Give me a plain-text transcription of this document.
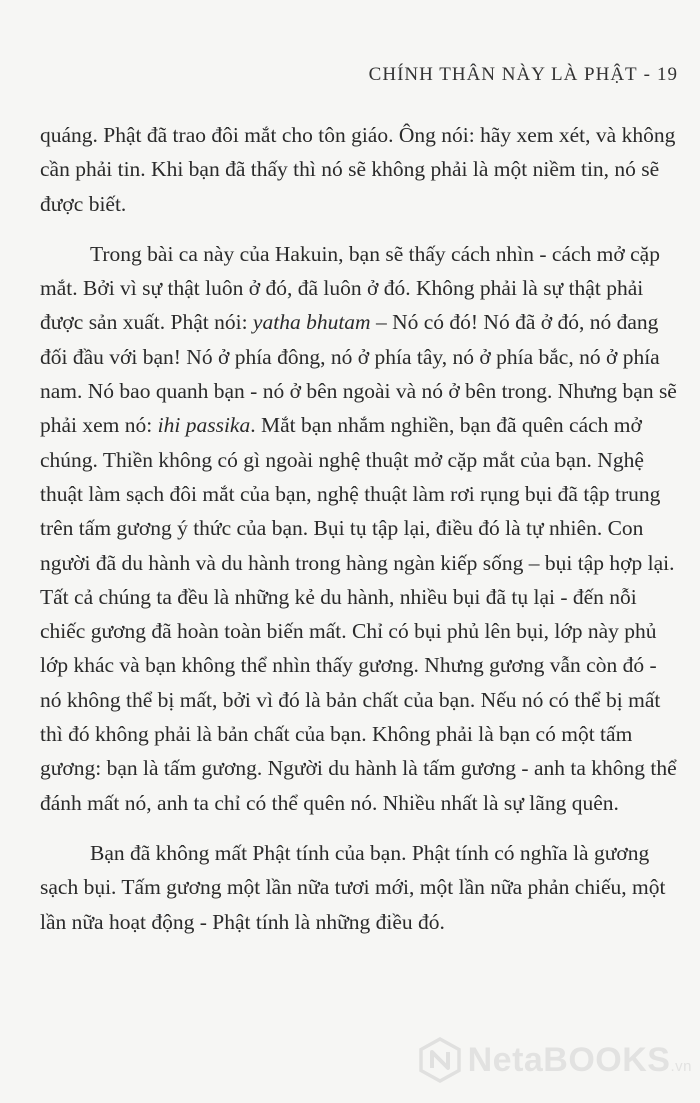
CHÍNH THÂN NÀY LÀ PHẬT - 19

quáng. Phật đã trao đôi mắt cho tôn giáo. Ông nói: hãy xem xét, và không cần phải tin. Khi bạn đã thấy thì nó sẽ không phải là một niềm tin, nó sẽ được biết.

Trong bài ca này của Hakuin, bạn sẽ thấy cách nhìn - cách mở cặp mắt. Bởi vì sự thật luôn ở đó, đã luôn ở đó. Không phải là sự thật phải được sản xuất. Phật nói: yatha bhutam – Nó có đó! Nó đã ở đó, nó đang đối đầu với bạn! Nó ở phía đông, nó ở phía tây, nó ở phía bắc, nó ở phía nam. Nó bao quanh bạn - nó ở bên ngoài và nó ở bên trong. Nhưng bạn sẽ phải xem nó: ihi passika. Mắt bạn nhắm nghiền, bạn đã quên cách mở chúng. Thiền không có gì ngoài nghệ thuật mở cặp mắt của bạn. Nghệ thuật làm sạch đôi mắt của bạn, nghệ thuật làm rơi rụng bụi đã tập trung trên tấm gương ý thức của bạn. Bụi tụ tập lại, điều đó là tự nhiên. Con người đã du hành và du hành trong hàng ngàn kiếp sống – bụi tập hợp lại. Tất cả chúng ta đều là những kẻ du hành, nhiều bụi đã tụ lại - đến nỗi chiếc gương đã hoàn toàn biến mất. Chỉ có bụi phủ lên bụi, lớp này phủ lớp khác và bạn không thể nhìn thấy gương. Nhưng gương vẫn còn đó - nó không thể bị mất, bởi vì đó là bản chất của bạn. Nếu nó có thể bị mất thì đó không phải là bản chất của bạn. Không phải là bạn có một tấm gương: bạn là tấm gương. Người du hành là tấm gương - anh ta không thể đánh mất nó, anh ta chỉ có thể quên nó. Nhiều nhất là sự lãng quên.

Bạn đã không mất Phật tính của bạn. Phật tính có nghĩa là gương sạch bụi. Tấm gương một lần nữa tươi mới, một lần nữa phản chiếu, một lần nữa hoạt động - Phật tính là những điều đó.

NetaBOOKS.vn
